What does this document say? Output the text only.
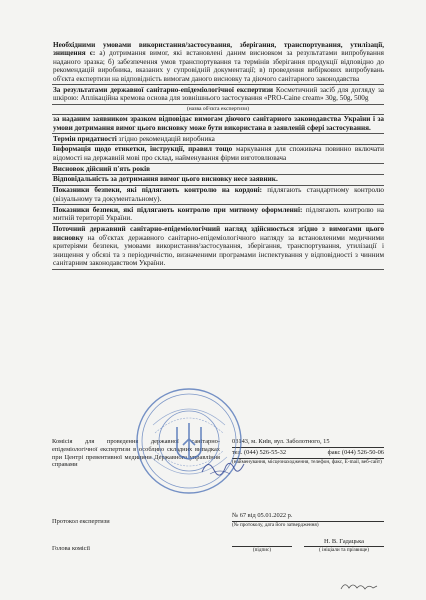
Необхідними умовами використання/застосування, зберігання, транспортування, утилізації, знищення є: а) дотримання вимог, які встановлені даним висновком за результатами випробування наданого зразка; б) забезпечення умов транспортування та термінів зберігання продукції відповідно до рекомендацій виробника, вказаних у супровідній документації; в) проведення вибіркових випробувань об'єкта експертизи на відповідність вимогам даного висновку та діючого санітарного законодавства
За результатами державної санітарно-епідеміологічної експертизи Косметичний засіб для догляду за шкірою: Аплікаційна кремова основа для зовнішнього застосування «PRO-Caine cream» 30g, 50g, 500g
(назва об'єкта експертизи)
за наданим заявником зразком відповідає вимогам діючого санітарного законодавства України і за умови дотримання вимог цього висновку може бути використана в заявленій сфері застосування.
Термін придатності згідно рекомендацій виробника
Інформація щодо етикетки, інструкції, правил тощо маркування для споживача повинно включати відомості на державній мові про склад, найменування фірми виготовлювача
Висновок дійсний п'ять років
Відповідальність за дотримання вимог цього висновку несе заявник.
Показники безпеки, які підлягають контролю на кордоні: підлягають стандартному контролю (візуальному та документальному).
Показники безпеки, які підлягають контролю при митному оформленні: підлягають контролю на митній території України.
Поточний державний санітарно-епідеміологічний нагляд здійснюється згідно з вимогами цього висновку на об'єктах державного санітарно-епідеміологічного нагляду за встановленими медичними критеріями безпеки, умовами використання/застосування, зберігання, транспортування, утилізації і знищення у обсязі та з періодичністю, визначеними програмами інспектування у відповідності з чинним санітарним законодавством України.
Комісія для проведення державної санітарно-епідеміологічної експертизи в особливо складних випадках при Центрі превентивної медицини Державного управління справами
03143, м. Київ, вул. Заболотного, 15
тел. (044) 526-55-32	факс (044) 526-50-06
(найменування, місцезнаходження, телефон, факс, E-mail, веб-сайт)
Протокол експертизи
№ 67 від 05.01.2022 р.
(№ протоколу, дата його затвердження)
Голова комісії

Н. В. Гадацька
(підпис)	( ініціали та прізвище)
